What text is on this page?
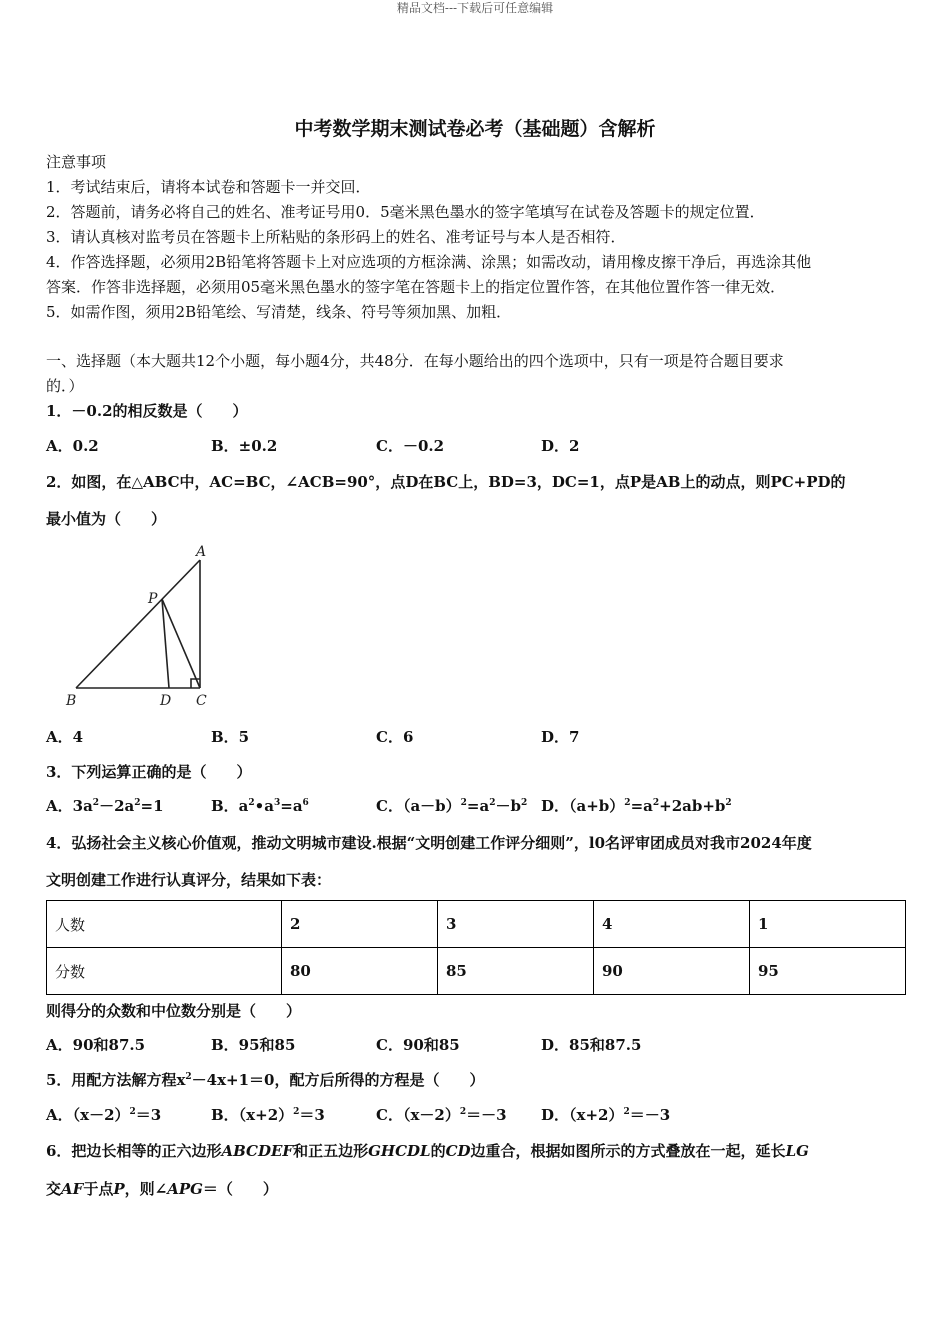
精品文档---下载后可任意编辑
中考数学期末测试卷必考（基础题）含解析
注意事项
1．考试结束后，请将本试卷和答题卡一并交回．
2．答题前，请务必将自己的姓名、准考证号用0．5毫米黑色墨水的签字笔填写在试卷及答题卡的规定位置．
3．请认真核对监考员在答题卡上所粘贴的条形码上的姓名、准考证号与本人是否相符．
4．作答选择题，必须用2B铅笔将答题卡上对应选项的方框涂满、涂黑；如需改动，请用橡皮擦干净后，再选涂其他
答案．作答非选择题，必须用05毫米黑色墨水的签字笔在答题卡上的指定位置作答，在其他位置作答一律无效．
5．如需作图，须用2B铅笔绘、写清楚，线条、符号等须加黑、加粗．
一、选择题（本大题共12个小题，每小题4分，共48分．在每小题给出的四个选项中，只有一项是符合题目要求
的．）
1．－0.2的相反数是（　　）
A．0.2	B．±0.2	C．－0.2	D．2
2．如图，在△ABC中，AC=BC，∠ACB=90°，点D在BC上，BD=3，DC=1，点P是AB上的动点，则PC+PD的
最小值为（　　）
A
B	C
D
P
A．4	B．5	C．6	D．7
3．下列运算正确的是（　　）
A．$3a^2-2a^2=1$	B．$a^2•a^3=a^6$	C．$(a-b)^2=a^2-b^2$ D．$(a+b)^2=a^2+2ab+b^2$
4．弘扬社会主义核心价值观，推动文明城市建设.根据“文明创建工作评分细则”，l0名评审团成员对我市2024年度
文明创建工作进行认真评分，结果如下表：
人数	2	3	4	1
分数	80	85	90	95
则得分的众数和中位数分别是（　　）
A．90和87.5	B．95和85	C．90和85	D．85和87.5
5．用配方法解方程$x^2-4x+1=0$，配方后所得的方程是（　　）
A．$(x-2)^2=3$	B．$(x+2)^2=3$	C．$(x-2)^2=-3$ D．$(x+2)^2=-3$
6．把边长相等的正六边形ABCDEF和正五边形GHCDL的CD边重合，根据如图所示的方式叠放在一起，延长LG
交AF于点P，则∠APG＝（　　）
